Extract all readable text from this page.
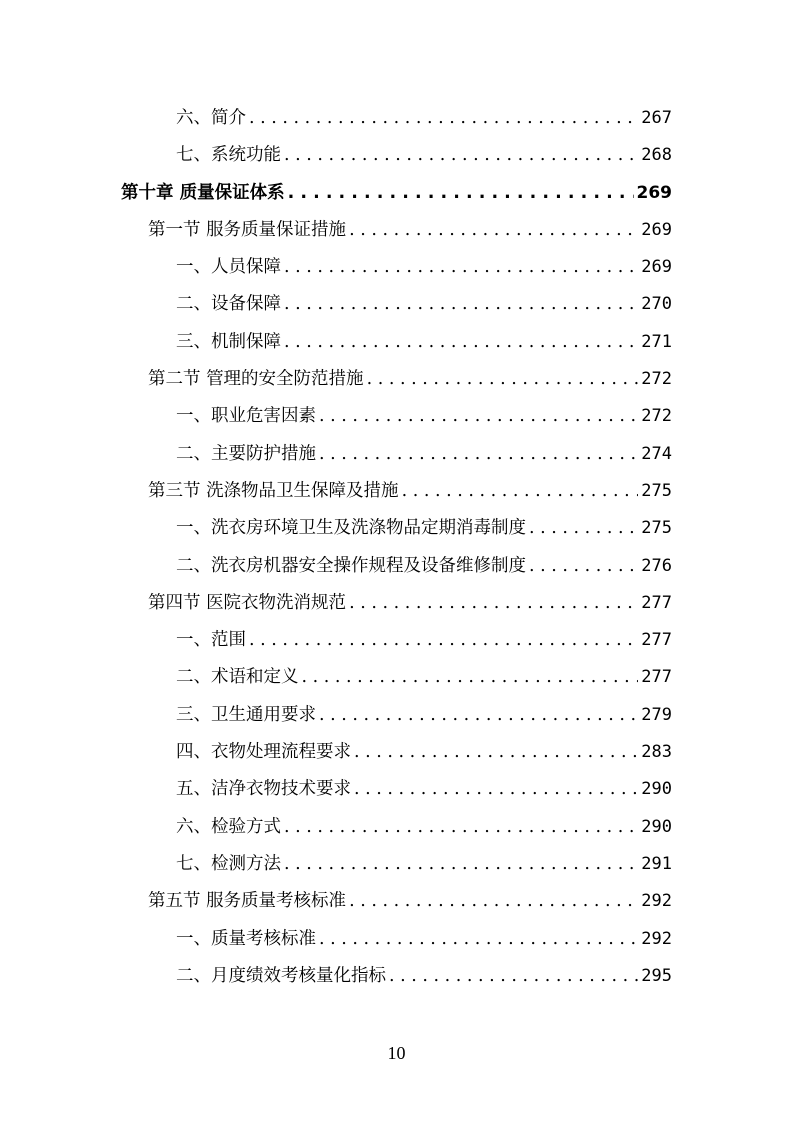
六、简介 . . .	267
七、系统功能 . . .	268
第十章 质量保证体系 . . .	269
第一节 服务质量保证措施 . . .	269
一、人员保障 . . .	269
二、设备保障 . . .	270
三、机制保障 . . .	271
第二节 管理的安全防范措施 . . .	272
一、职业危害因素 . . .	272
二、主要防护措施 . . .	274
第三节 洗涤物品卫生保障及措施 . . .	275
一、洗衣房环境卫生及洗涤物品定期消毒制度 . . .	275
二、洗衣房机器安全操作规程及设备维修制度 . . .	276
第四节 医院衣物洗消规范 . . .	277
一、范围 . . .	277
二、术语和定义 . . .	277
三、卫生通用要求 . . .	279
四、衣物处理流程要求 . . .	283
五、洁净衣物技术要求 . . .	290
六、检验方式 . . .	290
七、检测方法 . . .	291
第五节 服务质量考核标准 . . .	292
一、质量考核标准 . . .	292
二、月度绩效考核量化指标 . . .	295
10
